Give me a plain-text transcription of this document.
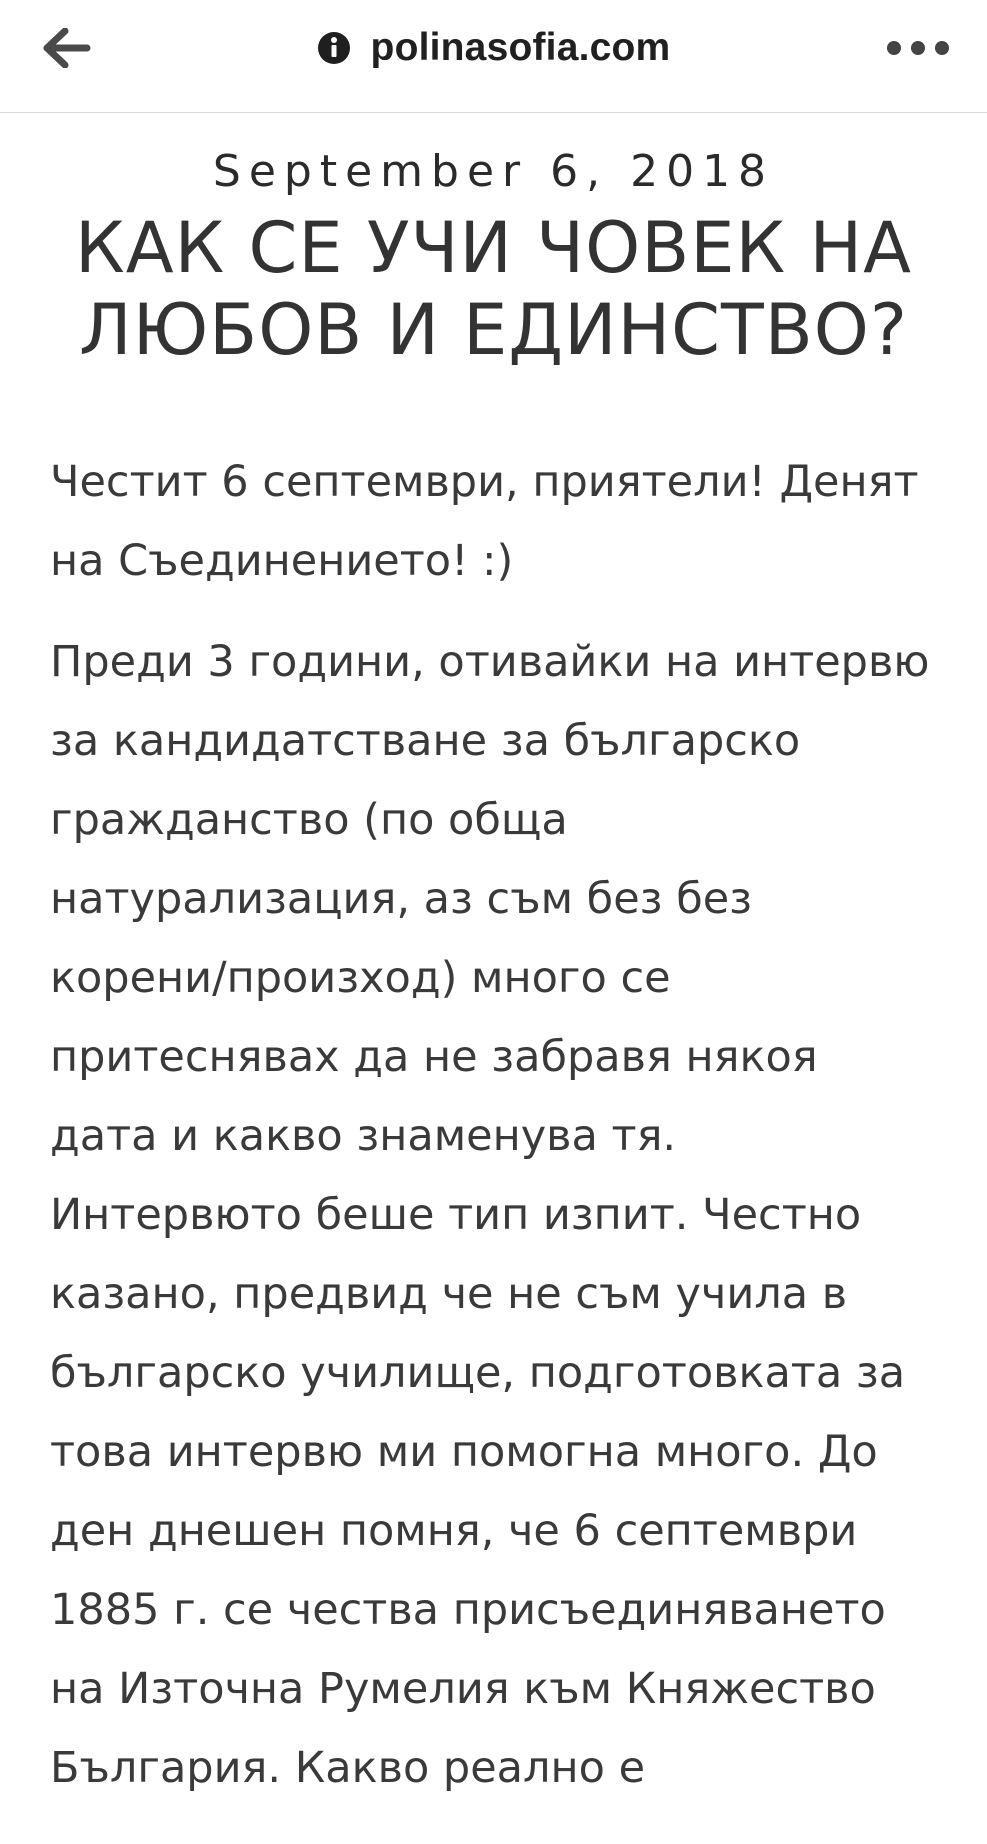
polinasofia.com
September 6, 2018
КАК СЕ УЧИ ЧОВЕК НА ЛЮБОВ И ЕДИНСТВО?

Честит 6 септември, приятели! Денят на Съединението! :)

Преди 3 години, отивайки на интервю за кандидатстване за българско гражданство (по обща натурализация, аз съм без без корени/произход) много се притеснявах да не забравя някоя дата и какво знаменува тя. Интервюто беше тип изпит. Честно казано, предвид че не съм учила в българско училище, подготовката за това интервю ми помогна много. До ден днешен помня, че 6 септември 1885 г. се чества присъединяването на Източна Румелия към Княжество България. Какво реално е
